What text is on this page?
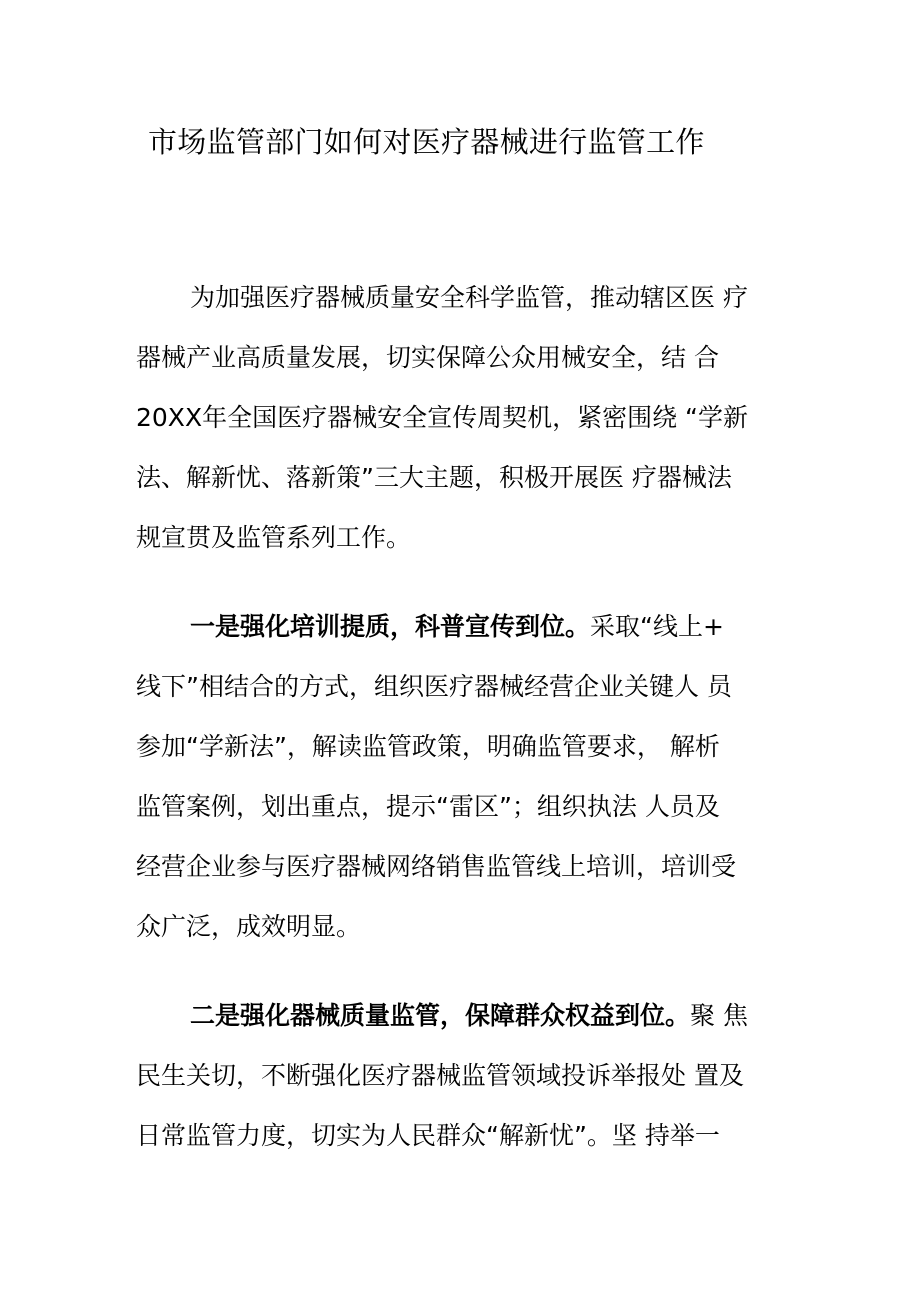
市场监管部门如何对医疗器械进行监管工作
为加强医疗器械质量安全科学监管，推动辖区医 疗
器械产业高质量发展，切实保障公众用械安全，结 合
20XX年全国医疗器械安全宣传周契机，紧密围绕 “学新
法、解新忧、落新策”三大主题，积极开展医 疗器械法
规宣贯及监管系列工作。
一是强化培训提质，科普宣传到位。采取“线上+
线下”相结合的方式，组织医疗器械经营企业关键人 员
参加“学新法”，解读监管政策，明确监管要求， 解析
监管案例，划出重点，提示“雷区”；组织执法 人员及
经营企业参与医疗器械网络销售监管线上培训，培训受
众广泛，成效明显。
二是强化器械质量监管，保障群众权益到位。聚 焦
民生关切，不断强化医疗器械监管领域投诉举报处 置及
日常监管力度，切实为人民群众“解新忧”。坚 持举一
